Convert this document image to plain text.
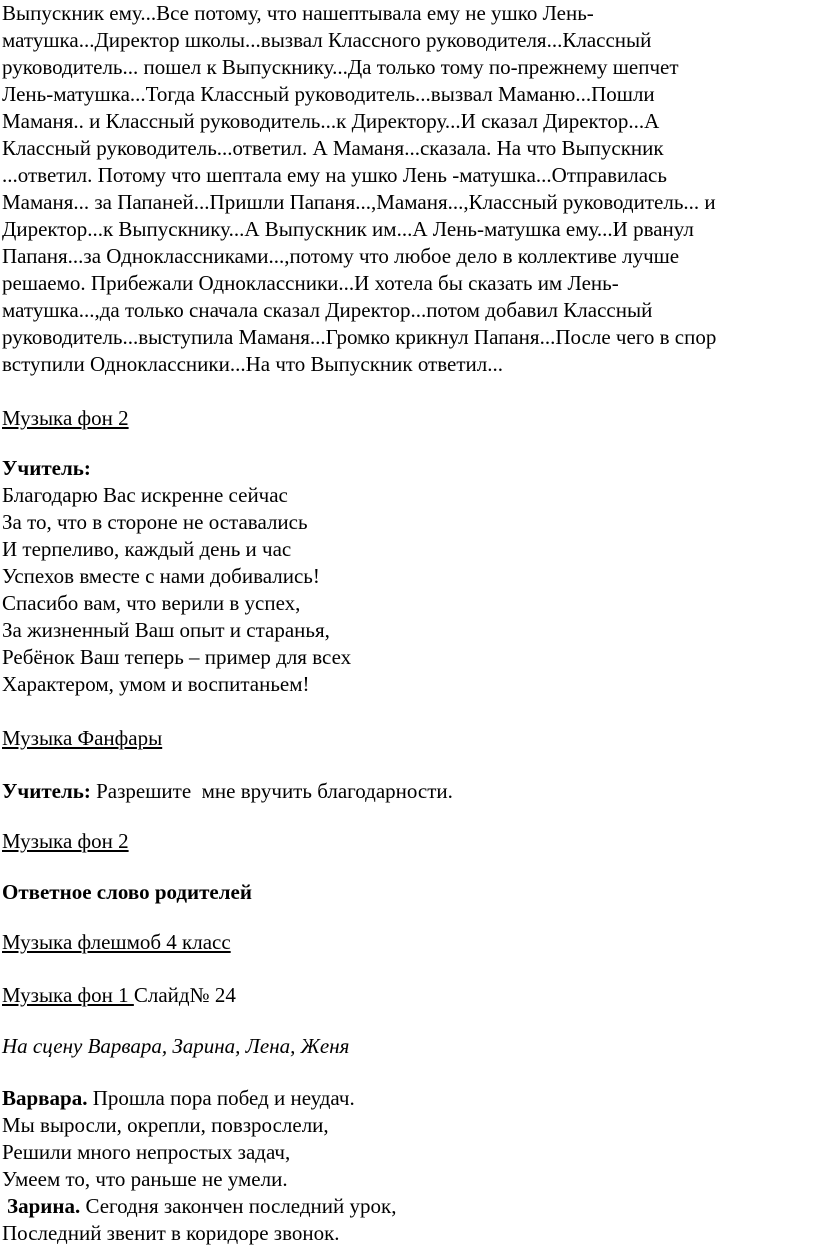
Выпускник ему...Все потому, что нашептывала ему не ушко Лень-
матушка...Директор школы...вызвал Классного руководителя...Классный
руководитель... пошел к Выпускнику...Да только тому по-прежнему шепчет
Лень-матушка...Тогда Классный руководитель...вызвал Маманю...Пошли
Маманя.. и Классный руководитель...к Директору...И сказал Директор...А
Классный руководитель...ответил. А Маманя...сказала. На что Выпускник
...ответил. Потому что шептала ему на ушко Лень -матушка...Отправилась
Маманя... за Папаней...Пришли Папаня...,Маманя...,Классный руководитель... и
Директор...к Выпускнику...А Выпускник им...А Лень-матушка ему...И рванул
Папаня...за Одноклассниками...,потому что любое дело в коллективе лучше
решаемо. Прибежали Одноклассники...И хотела бы сказать им Лень-
матушка...,да только сначала сказал Директор...потом добавил Классный
руководитель...выступила Маманя...Громко крикнул Папаня...После чего в спор
вступили Одноклассники...На что Выпускник ответил...
Музыка фон 2
Учитель:
Благодарю Вас искренне сейчас
За то, что в стороне не оставались
И терпеливо, каждый день и час
Успехов вместе с нами добивались!
Спасибо вам, что верили в успех,
За жизненный Ваш опыт и старанья,
Ребёнок Ваш теперь – пример для всех
Характером, умом и воспитаньем!
Музыка Фанфары
Учитель: Разрешите  мне вручить благодарности.
Музыка фон 2
Ответное слово родителей
Музыка флешмоб 4 класс
Музыка фон 1 Слайд№ 24
На сцену Варвара, Зарина, Лена, Женя
Варвара. Прошла пора побед и неудач.
Мы выросли, окрепли, повзрослели,
Решили много непростых задач,
Умеем то, что раньше не умели.
Зарина. Сегодня закончен последний урок,
Последний звенит в коридоре звонок.
